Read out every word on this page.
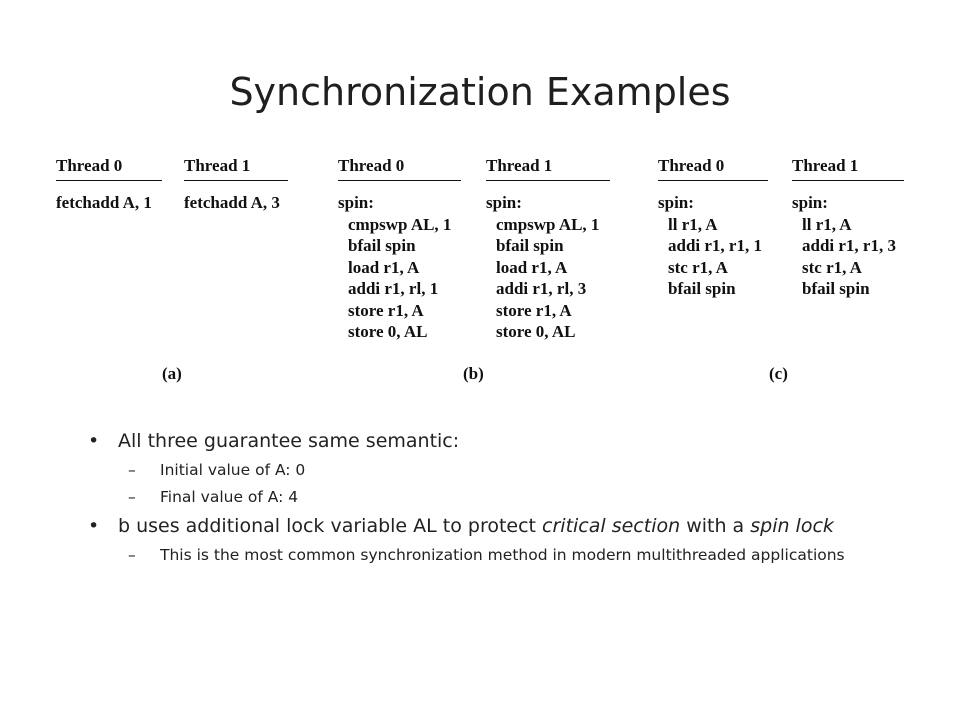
Synchronization Examples
Thread 0
fetchadd A, 1
Thread 1
fetchadd A, 3
Thread 0
spin:
cmpswp AL, 1
bfail spin
load r1, A
addi r1, rl, 1
store r1, A
store 0, AL
Thread 1
spin:
cmpswp AL, 1
bfail spin
load r1, A
addi r1, rl, 3
store r1, A
store 0, AL
Thread 0
spin:
ll r1, A
addi r1, r1, 1
stc r1, A
bfail spin
Thread 1
spin:
ll r1, A
addi r1, r1, 3
stc r1, A
bfail spin
(a)	(b)	(c)
• All three guarantee same semantic:
– Initial value of A: 0
– Final value of A: 4
• b uses additional lock variable AL to protect critical section with a spin lock
– This is the most common synchronization method in modern multithreaded applications
